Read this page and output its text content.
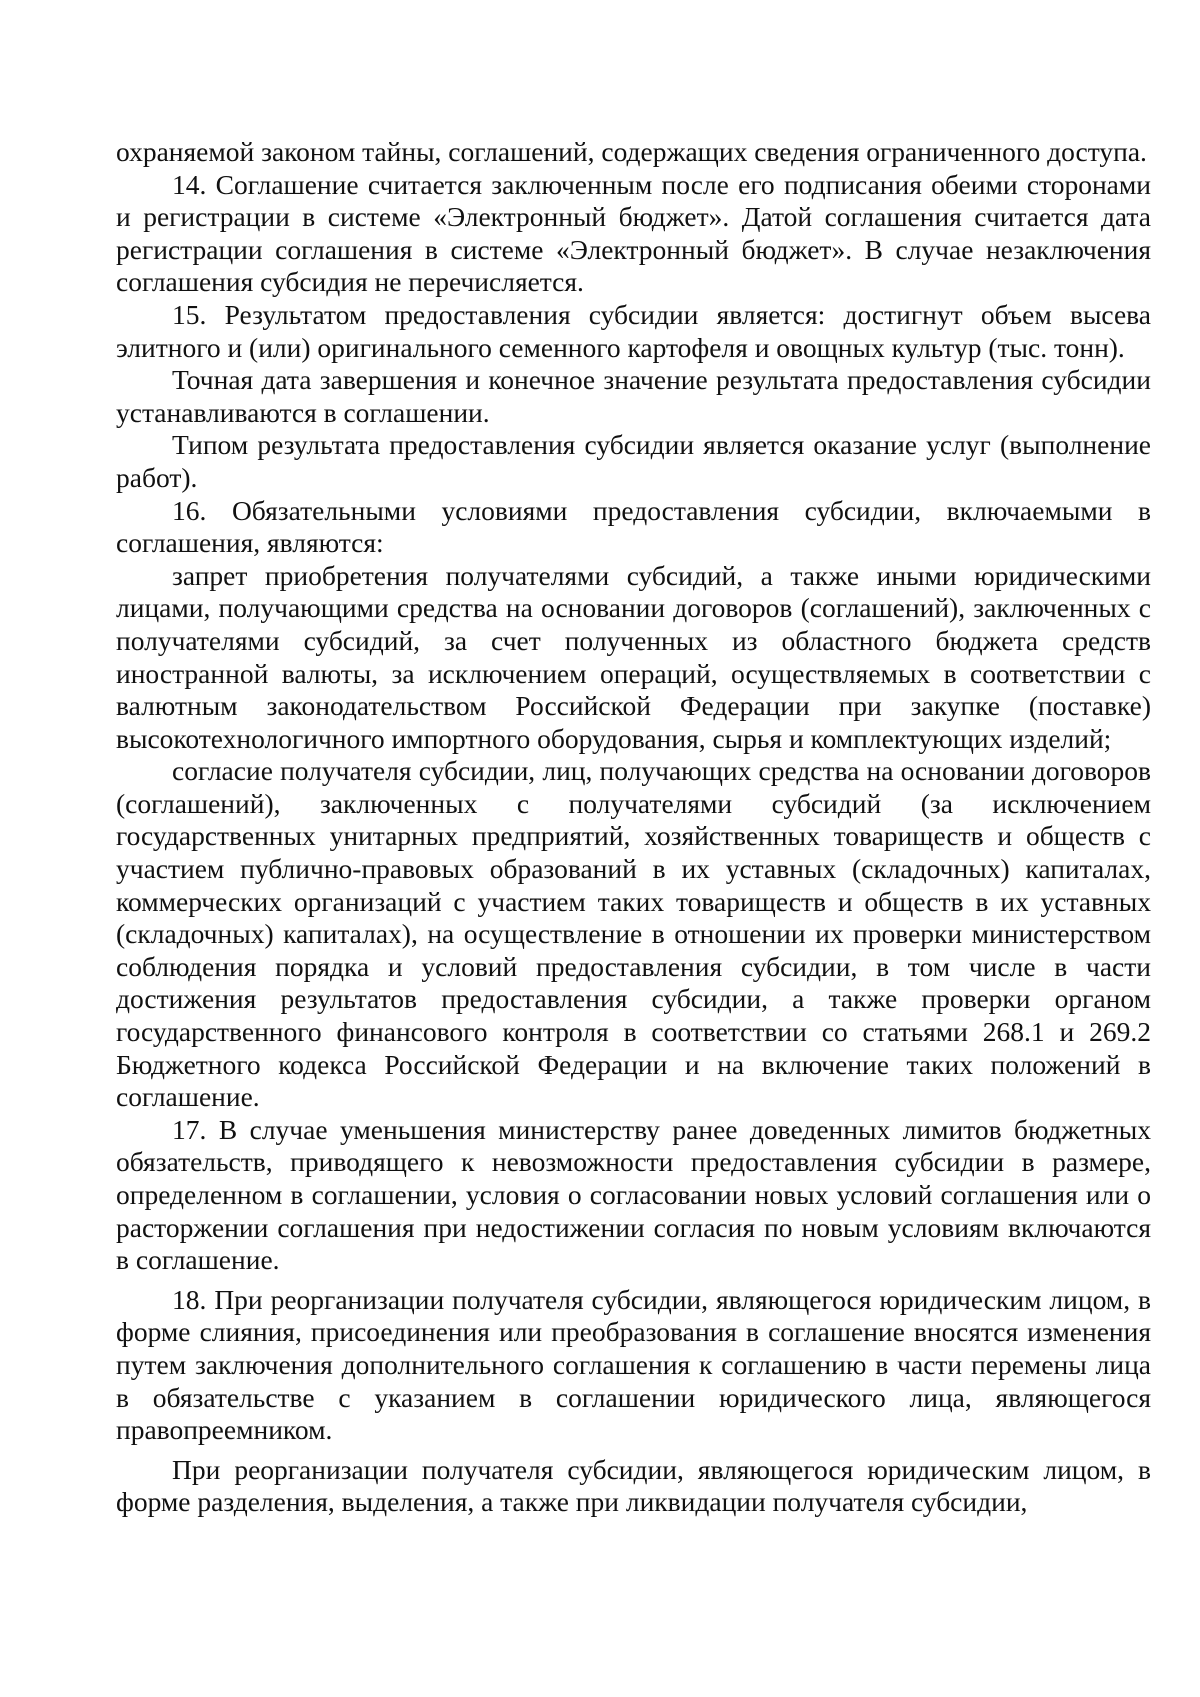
охраняемой законом тайны, соглашений, содержащих сведения ограниченного доступа.

14. Соглашение считается заключенным после его подписания обеими сторонами и регистрации в системе «Электронный бюджет». Датой соглашения считается дата регистрации соглашения в системе «Электронный бюджет». В случае незаключения соглашения субсидия не перечисляется.

15. Результатом предоставления субсидии является: достигнут объем высева элитного и (или) оригинального семенного картофеля и овощных культур (тыс. тонн).

Точная дата завершения и конечное значение результата предоставления субсидии устанавливаются в соглашении.

Типом результата предоставления субсидии является оказание услуг (выполнение работ).

16. Обязательными условиями предоставления субсидии, включаемыми в соглашения, являются:

запрет приобретения получателями субсидий, а также иными юридическими лицами, получающими средства на основании договоров (соглашений), заключенных с получателями субсидий, за счет полученных из областного бюджета средств иностранной валюты, за исключением операций, осуществляемых в соответствии с валютным законодательством Российской Федерации при закупке (поставке) высокотехнологичного импортного оборудования, сырья и комплектующих изделий;

согласие получателя субсидии, лиц, получающих средства на основании договоров (соглашений), заключенных с получателями субсидий (за исключением государственных унитарных предприятий, хозяйственных товариществ и обществ с участием публично-правовых образований в их уставных (складочных) капиталах, коммерческих организаций с участием таких товариществ и обществ в их уставных (складочных) капиталах), на осуществление в отношении их проверки министерством соблюдения порядка и условий предоставления субсидии, в том числе в части достижения результатов предоставления субсидии, а также проверки органом государственного финансового контроля в соответствии со статьями 268.1 и 269.2 Бюджетного кодекса Российской Федерации и на включение таких положений в соглашение.

17. В случае уменьшения министерству ранее доведенных лимитов бюджетных обязательств, приводящего к невозможности предоставления субсидии в размере, определенном в соглашении, условия о согласовании новых условий соглашения или о расторжении соглашения при недостижении согласия по новым условиям включаются в соглашение.

18. При реорганизации получателя субсидии, являющегося юридическим лицом, в форме слияния, присоединения или преобразования в соглашение вносятся изменения путем заключения дополнительного соглашения к соглашению в части перемены лица в обязательстве с указанием в соглашении юридического лица, являющегося правопреемником.

При реорганизации получателя субсидии, являющегося юридическим лицом, в форме разделения, выделения, а также при ликвидации получателя субсидии,
